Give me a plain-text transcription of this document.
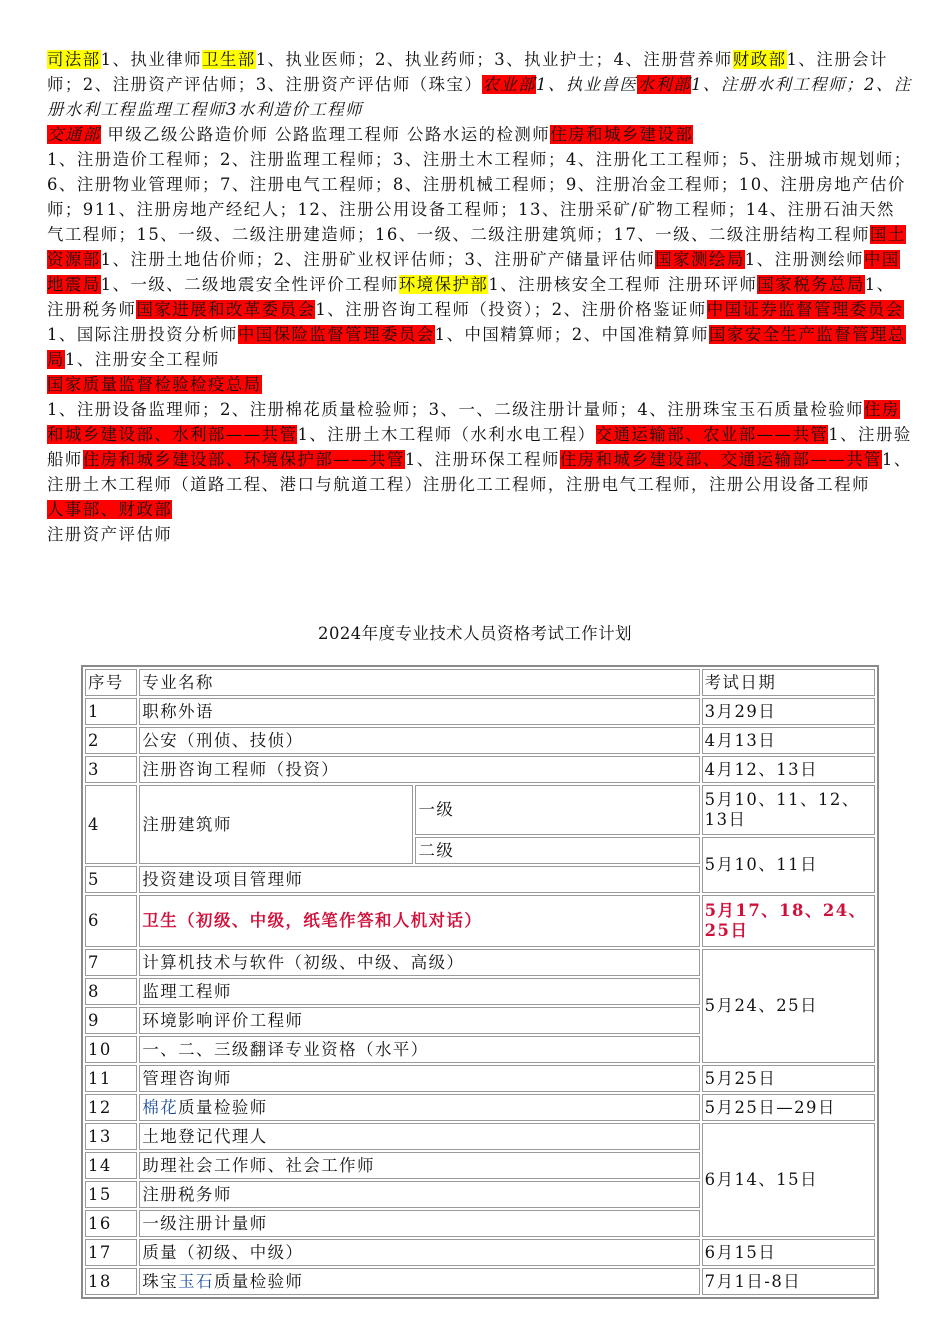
司法部1、执业律师卫生部1、执业医师；2、执业药师；3、执业护士；4、注册营养师财政部1、注册会计师；2、注册资产评估师；3、注册资产评估师（珠宝）农业部1、执业兽医水利部1、注册水利工程师；2、注册水利工程监理工程师3水利造价工程师
交通部 甲级乙级公路造价师 公路监理工程师 公路水运的检测师住房和城乡建设部
1、注册造价工程师；2、注册监理工程师；3、注册土木工程师；4、注册化工工程师；5、注册城市规划师；6、注册物业管理师；7、注册电气工程师；8、注册机械工程师；9、注册冶金工程师；10、注册房地产估价师；911、注册房地产经纪人；12、注册公用设备工程师；13、注册采矿/矿物工程师；14、注册石油天然气工程师；15、一级、二级注册建造师；16、一级、二级注册建筑师；17、一级、二级注册结构工程师国土资源部1、注册土地估价师；2、注册矿业权评估师；3、注册矿产储量评估师国家测绘局1、注册测绘师中国地震局1、一级、二级地震安全性评价工程师环境保护部1、注册核安全工程师 注册环评师国家税务总局1、注册税务师国家进展和改革委员会1、注册咨询工程师（投资）；2、注册价格鉴证师中国证券监督管理委员会1、国际注册投资分析师中国保险监督管理委员会1、中国精算师；2、中国准精算师国家安全生产监督管理总局1、注册安全工程师
国家质量监督检验检疫总局
1、注册设备监理师；2、注册棉花质量检验师；3、一、二级注册计量师；4、注册珠宝玉石质量检验师住房和城乡建设部、水利部——共管1、注册土木工程师（水利水电工程）交通运输部、农业部——共管1、注册验船师住房和城乡建设部、环境保护部——共管1、注册环保工程师住房和城乡建设部、交通运输部——共管1、注册土木工程师（道路工程、港口与航道工程）注册化工工程师，注册电气工程师，注册公用设备工程师
人事部、财政部
注册资产评估师
2024年度专业技术人员资格考试工作计划
序号	专业名称		考试日期
1	职称外语		3月29日
2	公安（刑侦、技侦）		4月13日
3	注册咨询工程师（投资）		4月12、13日
4	注册建筑师	一级	5月10、11、12、13日
		二级	5月10、11日
5	投资建设项目管理师		
6	卫生（初级、中级，纸笔作答和人机对话）		5月17、18、24、25日
7	计算机技术与软件（初级、中级、高级）		5月24、25日
8	监理工程师		
9	环境影响评价工程师		
10	一、二、三级翻译专业资格（水平）		
11	管理咨询师		5月25日
12	棉花质量检验师		5月25日—29日
13	土地登记代理人		6月14、15日
14	助理社会工作师、社会工作师		
15	注册税务师		
16	一级注册计量师		
17	质量（初级、中级）		6月15日
18	珠宝玉石质量检验师		7月1日-8日
